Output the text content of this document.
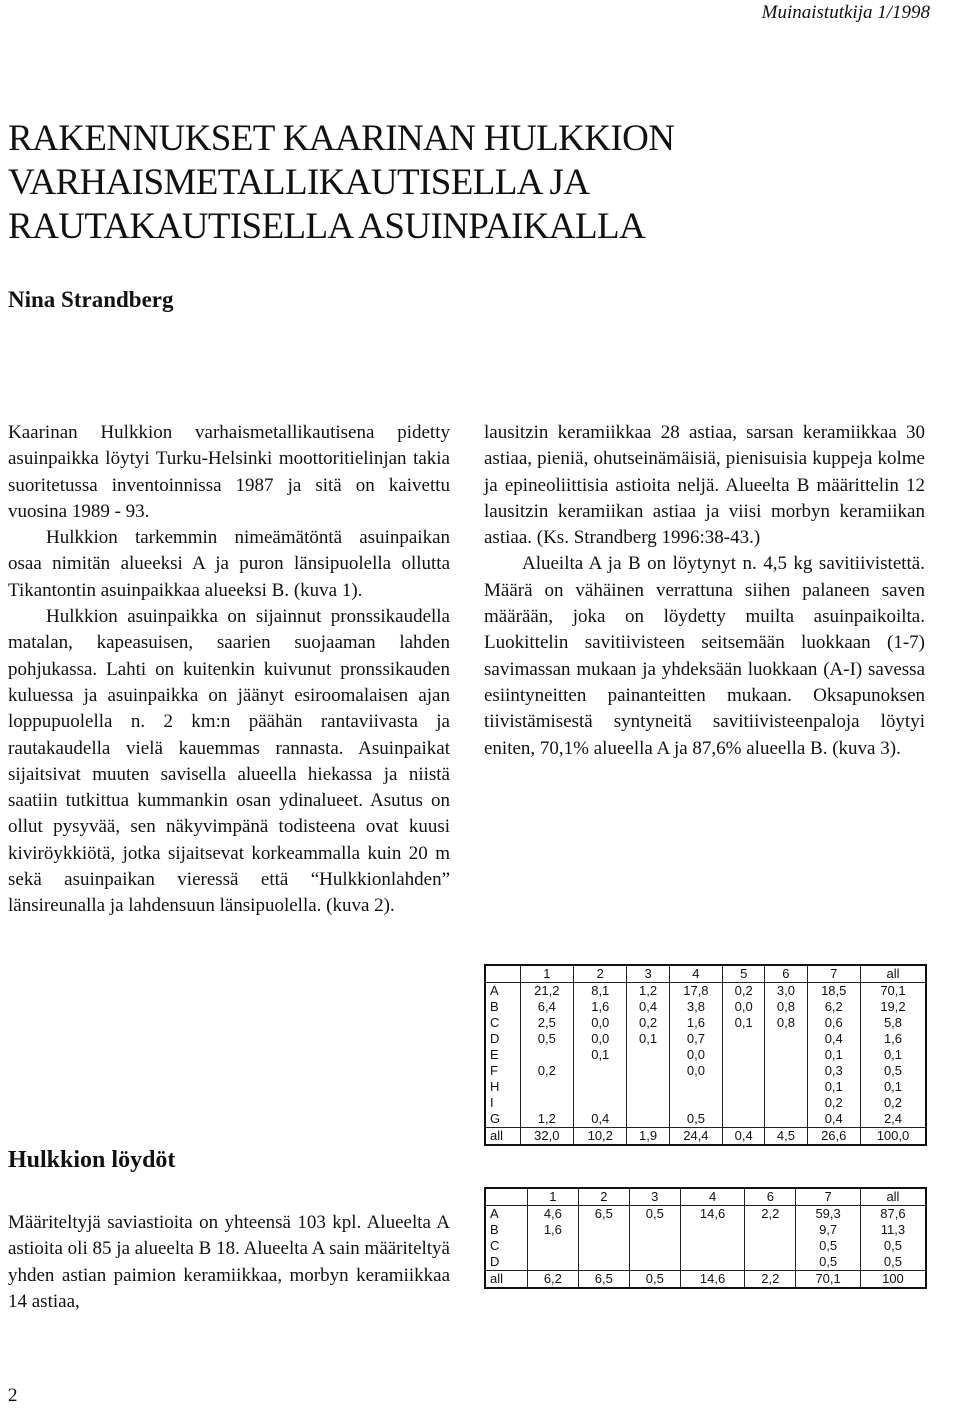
Muinaistutkija 1/1998
RAKENNUKSET KAARINAN HULKKION
VARHAISMETALLIKAUTISELLA JA
RAUTAKAUTISELLA ASUINPAIKALLA
Nina Strandberg

Kaarinan Hulkkion varhaismetallikautisena pidetty asuinpaikka löytyi Turku-Helsinki moottoritielinjan takia suoritetussa inventoinnissa 1987 ja sitä on kaivettu vuosina 1989 - 93.

Hulkkion tarkemmin nimeämätöntä asuinpaikan osaa nimitän alueeksi A ja puron länsipuolella ollutta Tikantontin asuinpaikkaa alueeksi B. (kuva 1).

Hulkkion asuinpaikka on sijainnut pronssikaudella matalan, kapeasuisen, saarien suojaaman lahden pohjukassa. Lahti on kuitenkin kuivunut pronssikauden kuluessa ja asuinpaikka on jäänyt esiroomalaisen ajan loppupuolella n. 2 km:n päähän rantaviivasta ja rautakaudella vielä kauemmas rannasta. Asuinpaikat sijaitsivat muuten savisella alueella hiekassa ja niistä saatiin tutkittua kummankin osan ydinalueet. Asutus on ollut pysyvää, sen näkyvimpänä todisteena ovat kuusi kiviröykkiötä, jotka sijaitsevat korkeammalla kuin 20 m sekä asuinpaikan vieressä että “Hulkkionlahden” länsireunalla ja lahdensuun länsipuolella. (kuva 2).

Hulkkion löydöt

Määriteltyjä saviastioita on yhteensä 103 kpl. Alueelta A astioita oli 85 ja alueelta B 18. Alueelta A sain määriteltyä yhden astian paimion keramiikkaa, morbyn keramiikkaa 14 astiaa,

lausitzin keramiikkaa 28 astiaa, sarsan keramiikkaa 30 astiaa, pieniä, ohutseinämäisiä, pienisuisia kuppeja kolme ja epineoliittisia astioita neljä. Alueelta B määrittelin 12 lausitzin keramiikan astiaa ja viisi morbyn keramiikan astiaa. (Ks. Strandberg 1996:38-43.)

Alueilta A ja B on löytynyt n. 4,5 kg savitiivistettä. Määrä on vähäinen verrattuna siihen palaneen saven määrään, joka on löydetty muilta asuinpaikoilta. Luokittelin savitiivisteen seitsemään luokkaan (1-7) savimassan mukaan ja yhdeksään luokkaan (A-I) savessa esiintyneitten painanteitten mukaan. Oksapunoksen tiivistämisestä syntyneitä savitiivisteenpaloja löytyi eniten, 70,1% alueella A ja 87,6% alueella B. (kuva 3).

	1	2	3	4	5	6	7	all
A	21,2	8,1	1,2	17,8	0,2	3,0	18,5	70,1
B	6,4	1,6	0,4	3,8	0,0	0,8	6,2	19,2
C	2,5	0,0	0,2	1,6	0,1	0,8	0,6	5,8
D	0,5	0,0	0,1	0,7			0,4	1,6
E		0,1		0,0			0,1	0,1
F	0,2			0,0			0,3	0,5
H							0,1	0,1
I							0,2	0,2
G	1,2	0,4		0,5			0,4	2,4
all	32,0	10,2	1,9	24,4	0,4	4,5	26,6	100,0
	1	2	3	4	6	7	all
A	4,6	6,5	0,5	14,6	2,2	59,3	87,6
B	1,6					9,7	11,3
C						0,5	0,5
D						0,5	0,5
all	6,2	6,5	0,5	14,6	2,2	70,1	100
2
